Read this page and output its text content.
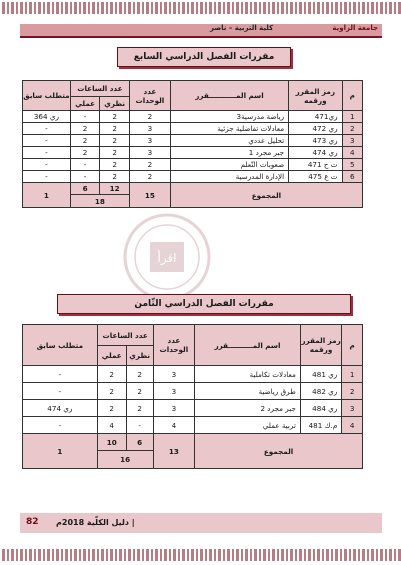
جامعة الزاوية
كلية التربية – ناصر
اقرأ
مقررات الفصل الدراسي السابع
م	رمز المقرر ورقمه	اسم المـــــــــــقرر	عدد الوحدات	عدد الساعات		متطلب سابق
				نظري	عملي	
1	ري471	رياضة مدرسية3	2	2	-	ري 364
2	ري 472	معادلات تفاضلية جزئية	3	2	2	-
3	ري 473	تحليل عددي	3	2	2	-
4	ري 474	جبر مجرد 1	3	2	2	-
5	ت ح 471	صعوبات التّعلم	2	2	-	-
6	ت ع 475	الإدارة المدرسية	2	2	-	-
المجموع			15	12	6	1
				18		
مقررات الفصل الدراسي الثّامن
م	رمز المقرر ورقمه	اسم المــــــــــقرر	عدد الوحدات	عدد الساعات		متطلب سابق
				نظري	عملي	
1	ري 481	معادلات تكاملية	3	2	2	-
2	ري 482	طرق رياضية	3	2	2	-
3	ري 484	جبر مجرد 2	3	2	2	ري 474
4	م.ك 481	تربية عملي	4	-	4	-
المجموع			13	6	10	1
				16		
82 دليل الكلّية 2018م |
